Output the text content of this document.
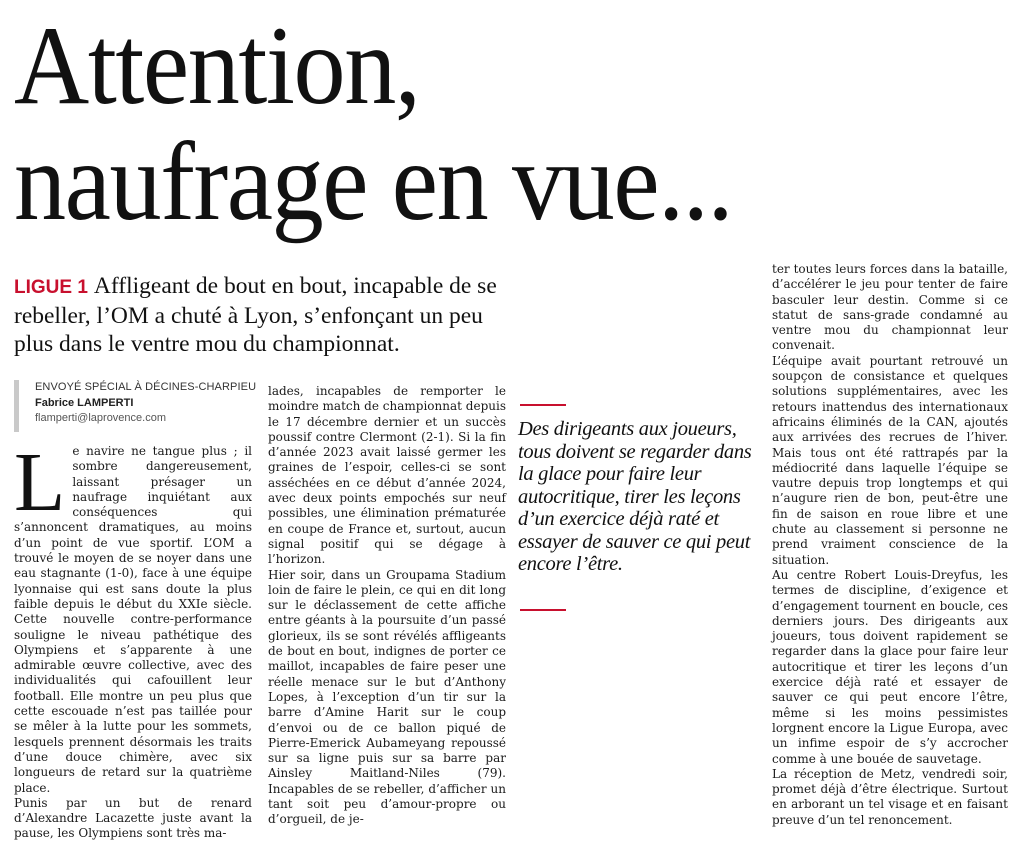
Attention,
naufrage en vue...

LIGUE 1 Affligeant de bout en bout, incapable de se rebeller, l’OM a chuté à Lyon, s’enfonçant un peu plus dans le ventre mou du championnat.

ENVOYÉ SPÉCIAL À DÉCINES-CHARPIEU
Fabrice LAMPERTI
flamperti@laprovence.com
L e navire ne tangue plus ; il sombre dangereusement, laissant présager un naufrage inquiétant aux conséquences qui s’annoncent dramatiques, au moins d’un point de vue sportif. L’OM a trouvé le moyen de se noyer dans une eau stagnante (1-0), face à une équipe lyonnaise qui est sans doute la plus faible depuis le début du XXIe siècle. Cette nouvelle contre-performance souligne le niveau pathétique des Olympiens et s’apparente à une admirable œuvre collective, avec des individualités qui cafouillent leur football. Elle montre un peu plus que cette escouade n’est pas taillée pour se mêler à la lutte pour les sommets, lesquels prennent désormais les traits d’une douce chimère, avec six longueurs de retard sur la quatrième place.

Punis par un but de renard d’Alexandre Lacazette juste avant la pause, les Olympiens sont très ma-

lades, incapables de remporter le moindre match de championnat depuis le 17 décembre dernier et un succès poussif contre Clermont (2-1). Si la fin d’année 2023 avait laissé germer les graines de l’espoir, celles-ci se sont asséchées en ce début d’année 2024, avec deux points empochés sur neuf possibles, une élimination prématurée en coupe de France et, surtout, aucun signal positif qui se dégage à l’horizon.

Hier soir, dans un Groupama Stadium loin de faire le plein, ce qui en dit long sur le déclassement de cette affiche entre géants à la poursuite d’un passé glorieux, ils se sont révélés affligeants de bout en bout, indignes de porter ce maillot, incapables de faire peser une réelle menace sur le but d’Anthony Lopes, à l’exception d’un tir sur la barre d’Amine Harit sur le coup d’envoi ou de ce ballon piqué de Pierre-Emerick Aubameyang repoussé sur sa ligne puis sur sa barre par Ainsley Maitland-Niles (79). Incapables de se rebeller, d’afficher un tant soit peu d’amour-propre ou d’orgueil, de je-

Des dirigeants aux joueurs, tous doivent se regarder dans la glace pour faire leur autocritique, tirer les leçons d’un exercice déjà raté et essayer de sauver ce qui peut encore l’être.

ter toutes leurs forces dans la bataille, d’accélérer le jeu pour tenter de faire basculer leur destin. Comme si ce statut de sans-grade condamné au ventre mou du championnat leur convenait.

L’équipe avait pourtant retrouvé un soupçon de consistance et quelques solutions supplémentaires, avec les retours inattendus des internationaux africains éliminés de la CAN, ajoutés aux arrivées des recrues de l’hiver. Mais tous ont été rattrapés par la médiocrité dans laquelle l’équipe se vautre depuis trop longtemps et qui n’augure rien de bon, peut-être une fin de saison en roue libre et une chute au classement si personne ne prend vraiment conscience de la situation.

Au centre Robert Louis-Dreyfus, les termes de discipline, d’exigence et d’engagement tournent en boucle, ces derniers jours. Des dirigeants aux joueurs, tous doivent rapidement se regarder dans la glace pour faire leur autocritique et tirer les leçons d’un exercice déjà raté et essayer de sauver ce qui peut encore l’être, même si les moins pessimistes lorgnent encore la Ligue Europa, avec un infime espoir de s’y accrocher comme à une bouée de sauvetage.

La réception de Metz, vendredi soir, promet déjà d’être électrique. Surtout en arborant un tel visage et en faisant preuve d’un tel renoncement.
